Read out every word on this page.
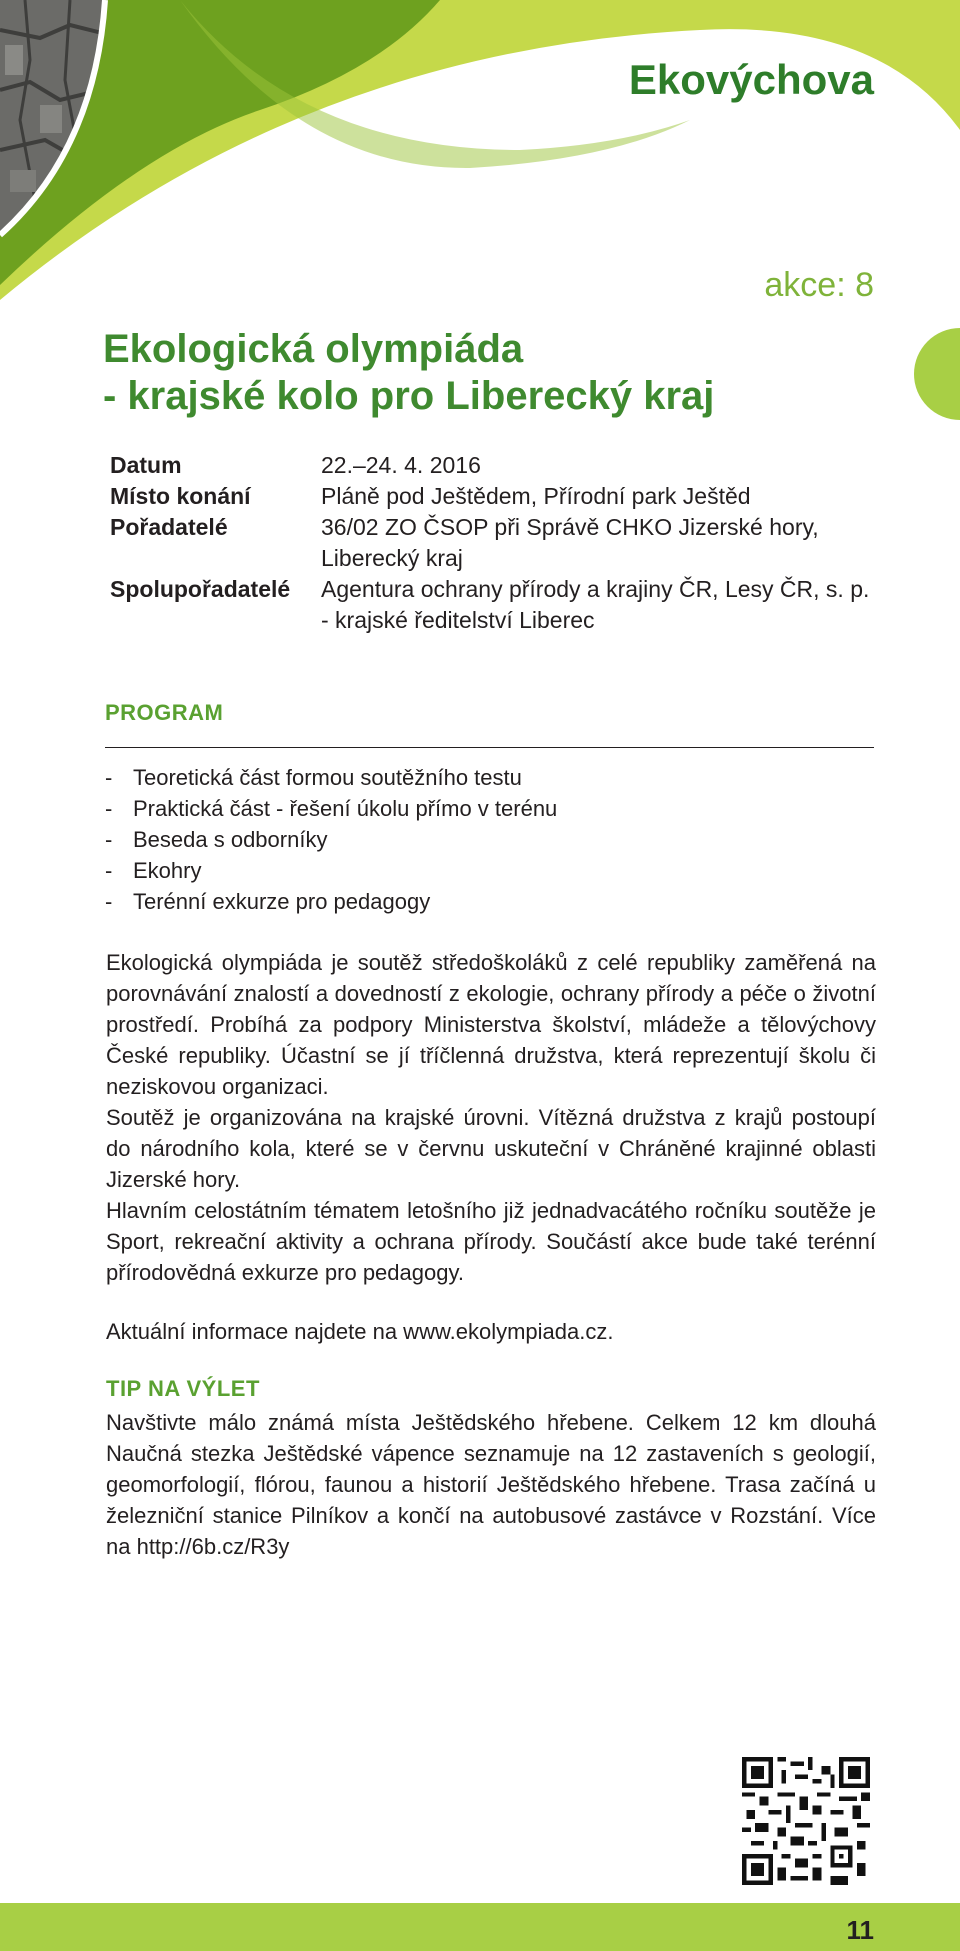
Ekovýchova
akce: 8
Ekologická olympiáda
- krajské kolo pro Liberecký kraj
Datum	22.–24. 4. 2016
Místo konání	Pláně pod Ještědem, Přírodní park Ještěd
Pořadatelé	36/02 ZO ČSOP při Správě CHKO Jizerské hory,
Liberecký kraj
Spolupořadatelé	Agentura ochrany přírody a krajiny ČR, Lesy ČR, s. p.
- krajské ředitelství Liberec
PROGRAM
- Teoretická část formou soutěžního testu
- Praktická část - řešení úkolu přímo v terénu
- Beseda s odborníky
- Ekohry
- Terénní exkurze pro pedagogy

Ekologická olympiáda je soutěž středoškoláků z celé republiky zaměřená na porovnávání znalostí a dovedností z ekologie, ochrany přírody a péče o životní prostředí. Probíhá za podpory Ministerstva školství, mládeže a tělovýchovy České republiky. Účastní se jí tříčlenná družstva, která reprezentují školu či neziskovou organizaci.

Soutěž je organizována na krajské úrovni. Vítězná družstva z krajů postoupí do národního kola, které se v červnu uskuteční v Chráněné krajinné oblasti Jizerské hory.

Hlavním celostátním tématem letošního již jednadvacátého ročníku soutěže je Sport, rekreační aktivity a ochrana přírody. Součástí akce bude také terénní přírodovědná exkurze pro pedagogy.

Aktuální informace najdete na www.ekolympiada.cz.
TIP NA VÝLET

Navštivte málo známá místa Ještědského hřebene. Celkem 12 km dlouhá Naučná stezka Ještědské vápence seznamuje na 12 zastaveních s geologií, geomorfologií, flórou, faunou a historií Ještědského hřebene. Trasa začíná u železniční stanice Pilníkov a končí na autobusové zastávce v Rozstání. Více na http://6b.cz/R3y

11
